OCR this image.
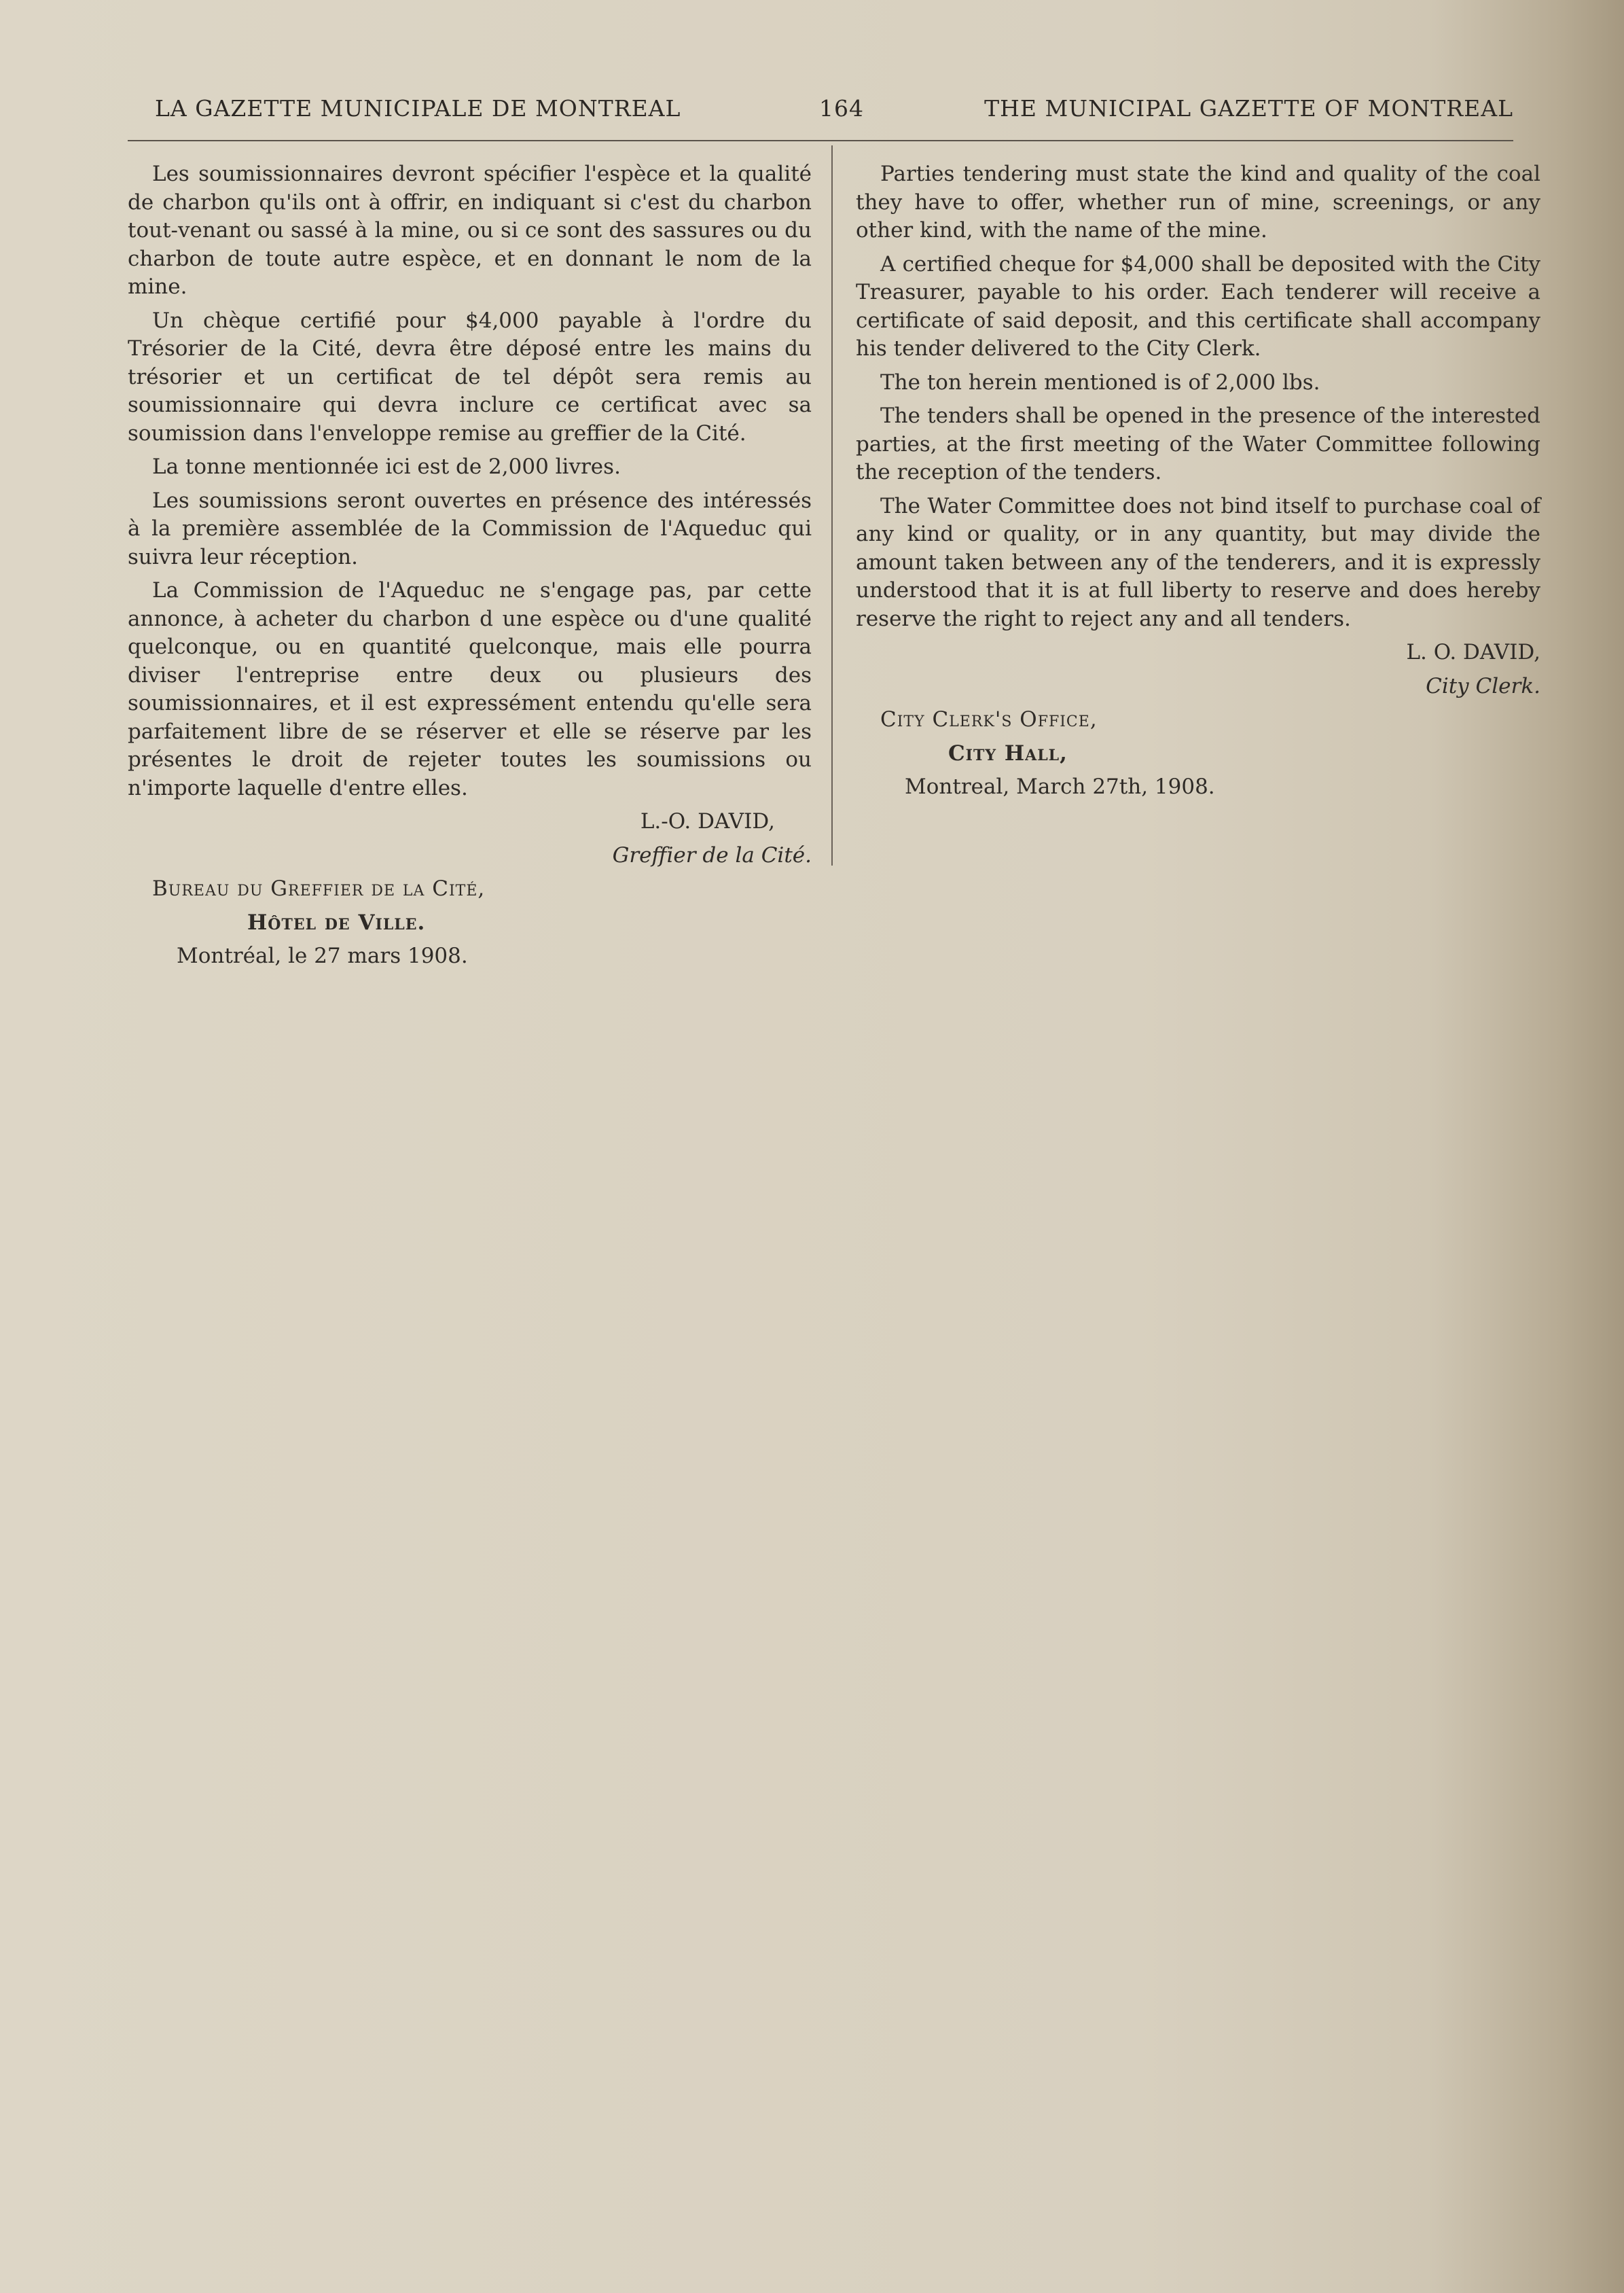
LA GAZETTE MUNICIPALE DE MONTREAL	164	THE MUNICIPAL GAZETTE OF MONTREAL

Les soumissionnaires devront spécifier l'espèce et la qualité de charbon qu'ils ont à offrir, en indiquant si c'est du charbon tout-venant ou sassé à la mine, ou si ce sont des sassures ou du charbon de toute autre espèce, et en donnant le nom de la mine.

Un chèque certifié pour $4,000 payable à l'ordre du Trésorier de la Cité, devra être déposé entre les mains du trésorier et un certificat de tel dépôt sera remis au soumissionnaire qui devra inclure ce certificat avec sa soumission dans l'enveloppe remise au greffier de la Cité.

La tonne mentionnée ici est de 2,000 livres.

Les soumissions seront ouvertes en présence des intéressés à la première assemblée de la Commission de l'Aqueduc qui suivra leur réception.

La Commission de l'Aqueduc ne s'engage pas, par cette annonce, à acheter du charbon d une espèce ou d'une qualité quelconque, ou en quantité quelconque, mais elle pourra diviser l'entreprise entre deux ou plusieurs des soumissionnaires, et il est expressément entendu qu'elle sera parfaitement libre de se réserver et elle se réserve par les présentes le droit de rejeter toutes les soumissions ou n'importe laquelle d'entre elles.

L.-O. DAVID,

Greffier de la Cité.

Bureau du Greffier de la Cité,

Hôtel de Ville.

Montréal, le 27 mars 1908.

Parties tendering must state the kind and quality of the coal they have to offer, whether run of mine, screenings, or any other kind, with the name of the mine.

A certified cheque for $4,000 shall be deposited with the City Treasurer, payable to his order. Each tenderer will receive a certificate of said deposit, and this certificate shall accompany his tender delivered to the City Clerk.

The ton herein mentioned is of 2,000 lbs.

The tenders shall be opened in the presence of the interested parties, at the first meeting of the Water Committee following the reception of the tenders.

The Water Committee does not bind itself to purchase coal of any kind or quality, or in any quantity, but may divide the amount taken between any of the tenderers, and it is expressly understood that it is at full liberty to reserve and does hereby reserve the right to reject any and all tenders.

L. O. DAVID,

City Clerk.

City Clerk's Office,

City Hall,

Montreal, March 27th, 1908.
